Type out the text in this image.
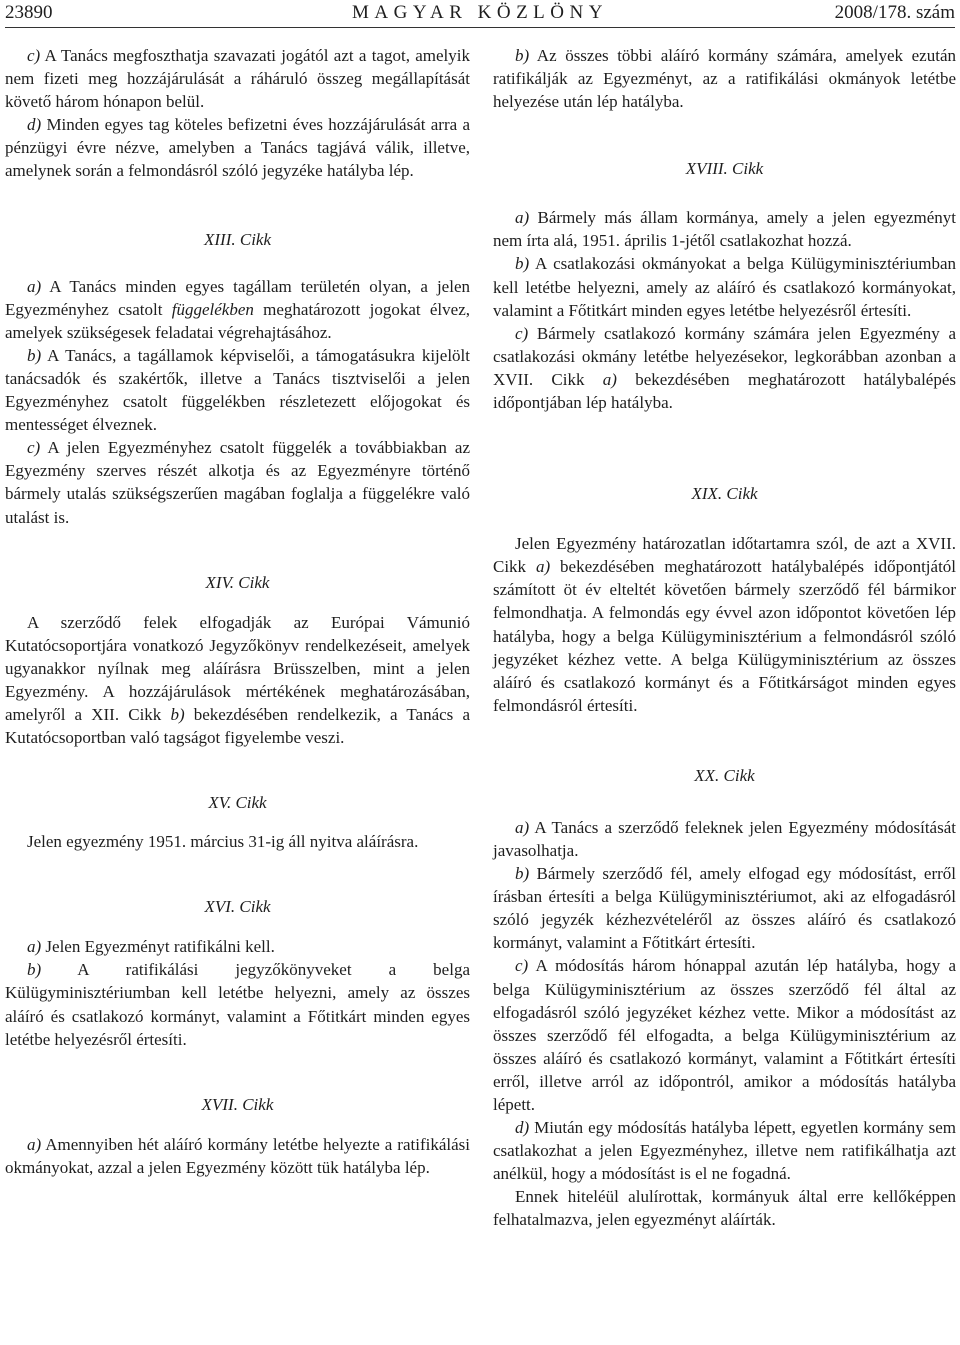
23890	MAGYAR KÖZLÖNY	2008/178. szám

c) A Tanács megfoszthatja szavazati jogától azt a tagot, amelyik nem fizeti meg hozzájárulását a ráháruló összeg megállapítását követő három hónapon belül.

d) Minden egyes tag köteles befizetni éves hozzájárulását arra a pénzügyi évre nézve, amelyben a Tanács tagjává válik, illetve, amelynek során a felmondásról szóló jegyzéke hatályba lép.

XIII. Cikk

a) A Tanács minden egyes tagállam területén olyan, a jelen Egyezményhez csatolt függelékben meghatározott jogokat élvez, amelyek szükségesek feladatai végrehajtásához.

b) A Tanács, a tagállamok képviselői, a támogatásukra kijelölt tanácsadók és szakértők, illetve a Tanács tisztviselői a jelen Egyezményhez csatolt függelékben részletezett előjogokat és mentességet élveznek.

c) A jelen Egyezményhez csatolt függelék a továbbiakban az Egyezmény szerves részét alkotja és az Egyezményre történő bármely utalás szükségszerűen magában foglalja a függelékre való utalást is.

XIV. Cikk

A szerződő felek elfogadják az Európai Vámunió Kutatócsoportjára vonatkozó Jegyzőkönyv rendelkezéseit, amelyek ugyanakkor nyílnak meg aláírásra Brüsszelben, mint a jelen Egyezmény. A hozzájárulások mértékének meghatározásában, amelyről a XII. Cikk b) bekezdésében rendelkezik, a Tanács a Kutatócsoportban való tagságot figyelembe veszi.

XV. Cikk

Jelen egyezmény 1951. március 31-ig áll nyitva aláírásra.

XVI. Cikk

a) Jelen Egyezményt ratifikálni kell.

b) A ratifikálási jegyzőkönyveket a belga Külügyminisztériumban kell letétbe helyezni, amely az összes aláíró és csatlakozó kormányt, valamint a Főtitkárt minden egyes letétbe helyezésről értesíti.

XVII. Cikk

a) Amennyiben hét aláíró kormány letétbe helyezte a ratifikálási okmányokat, azzal a jelen Egyezmény között tük hatályba lép.

b) Az összes többi aláíró kormány számára, amelyek ezután ratifikálják az Egyezményt, az a ratifikálási okmányok letétbe helyezése után lép hatályba.

XVIII. Cikk

a) Bármely más állam kormánya, amely a jelen egyezményt nem írta alá, 1951. április 1-jétől csatlakozhat hozzá.

b) A csatlakozási okmányokat a belga Külügyminisztériumban kell letétbe helyezni, amely az aláíró és csatlakozó kormányokat, valamint a Főtitkárt minden egyes letétbe helyezésről értesíti.

c) Bármely csatlakozó kormány számára jelen Egyezmény a csatlakozási okmány letétbe helyezésekor, legkorábban azonban a XVII. Cikk a) bekezdésében meghatározott hatálybalépés időpontjában lép hatályba.

XIX. Cikk

Jelen Egyezmény határozatlan időtartamra szól, de azt a XVII. Cikk a) bekezdésében meghatározott hatálybalépés időpontjától számított öt év elteltét követően bármely szerződő fél bármikor felmondhatja. A felmondás egy évvel azon időpontot követően lép hatályba, hogy a belga Külügyminisztérium a felmondásról szóló jegyzéket kézhez vette. A belga Külügyminisztérium az összes aláíró és csatlakozó kormányt és a Főtitkárságot minden egyes felmondásról értesíti.

XX. Cikk

a) A Tanács a szerződő feleknek jelen Egyezmény módosítását javasolhatja.

b) Bármely szerződő fél, amely elfogad egy módosítást, erről írásban értesíti a belga Külügyminisztériumot, aki az elfogadásról szóló jegyzék kézhezvételéről az összes aláíró és csatlakozó kormányt, valamint a Főtitkárt értesíti.

c) A módosítás három hónappal azután lép hatályba, hogy a belga Külügyminisztérium az összes szerződő fél által az elfogadásról szóló jegyzéket kézhez vette. Mikor a módosítást az összes szerződő fél elfogadta, a belga Külügyminisztérium az összes aláíró és csatlakozó kormányt, valamint a Főtitkárt értesíti erről, illetve arról az időpontról, amikor a módosítás hatályba lépett.

d) Miután egy módosítás hatályba lépett, egyetlen kormány sem csatlakozhat a jelen Egyezményhez, illetve nem ratifikálhatja azt anélkül, hogy a módosítást is el ne fogadná.

Ennek hiteléül alulírottak, kormányuk által erre kellőképpen felhatalmazva, jelen egyezményt aláírták.
